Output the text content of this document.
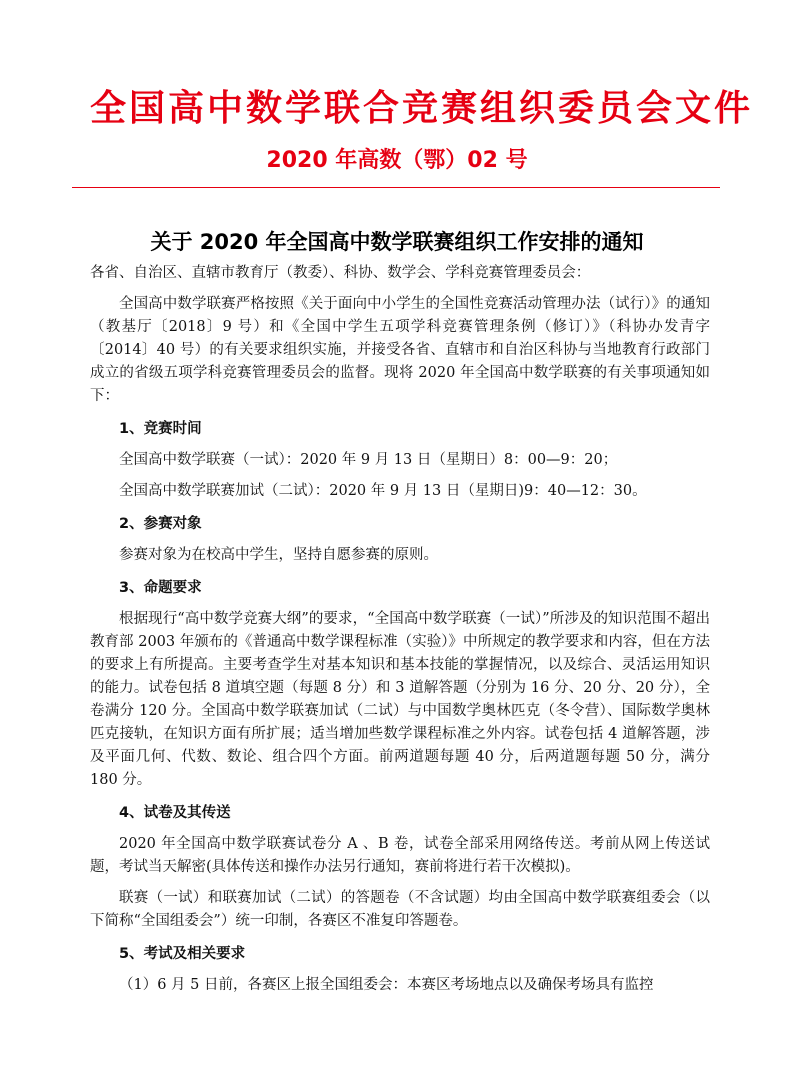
全国高中数学联合竞赛组织委员会文件
2020 年高数（鄂）02 号
关于 2020 年全国高中数学联赛组织工作安排的通知

各省、自治区、直辖市教育厅（教委）、科协、数学会、学科竞赛管理委员会：

全国高中数学联赛严格按照《关于面向中小学生的全国性竞赛活动管理办法（试行）》的通知（教基厅〔2018〕9 号）和《全国中学生五项学科竞赛管理条例（修订）》（科协办发青字〔2014〕40 号）的有关要求组织实施，并接受各省、直辖市和自治区科协与当地教育行政部门成立的省级五项学科竞赛管理委员会的监督。现将 2020 年全国高中数学联赛的有关事项通知如下：

1、竞赛时间

全国高中数学联赛（一试）：2020 年 9 月 13 日（星期日）8：00—9：20；

全国高中数学联赛加试（二试）：2020 年 9 月 13 日（星期日)9：40—12：30。

2、参赛对象

参赛对象为在校高中学生，坚持自愿参赛的原则。

3、命题要求

根据现行“高中数学竞赛大纲”的要求，“全国高中数学联赛（一试）”所涉及的知识范围不超出教育部 2003 年颁布的《普通高中数学课程标准（实验）》中所规定的教学要求和内容，但在方法的要求上有所提高。主要考查学生对基本知识和基本技能的掌握情况，以及综合、灵活运用知识的能力。试卷包括 8 道填空题（每题 8 分）和 3 道解答题（分别为 16 分、20 分、20 分），全卷满分 120 分。全国高中数学联赛加试（二试）与中国数学奥林匹克（冬令营）、国际数学奥林匹克接轨，在知识方面有所扩展；适当增加些数学课程标准之外内容。试卷包括 4 道解答题，涉及平面几何、代数、数论、组合四个方面。前两道题每题 40 分，后两道题每题 50 分，满分 180 分。

4、试卷及其传送

2020 年全国高中数学联赛试卷分 A 、B 卷，试卷全部采用网络传送。考前从网上传送试题，考试当天解密(具体传送和操作办法另行通知，赛前将进行若干次模拟)。

联赛（一试）和联赛加试（二试）的答题卷（不含试题）均由全国高中数学联赛组委会（以下简称“全国组委会”）统一印制，各赛区不准复印答题卷。

5、考试及相关要求

（1）6 月 5 日前，各赛区上报全国组委会：本赛区考场地点以及确保考场具有监控
